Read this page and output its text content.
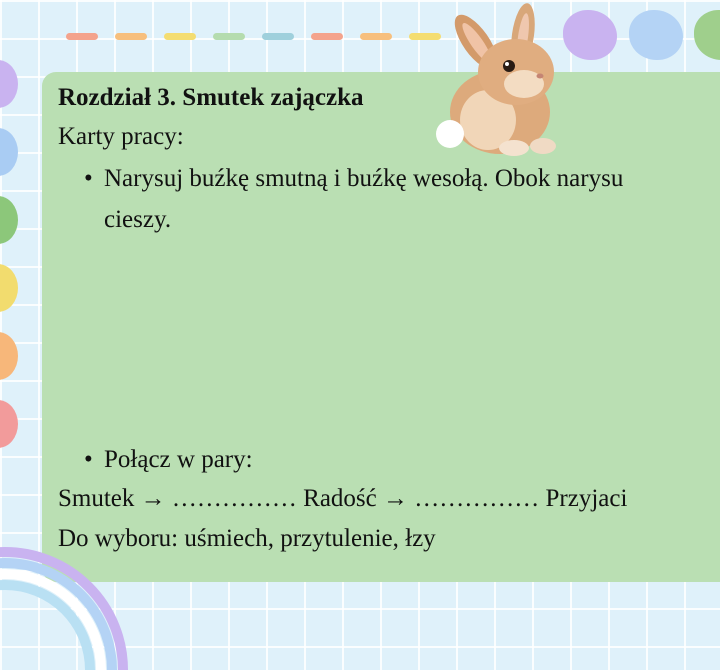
Rozdział 3. Smutek zajączka
Karty pracy:
• Narysuj buźkę smutną i buźkę wesołą. Obok narysu
cieszy.
• Połącz w pary:
Smutek → …………… Radość → …………… Przyjaci
Do wyboru: uśmiech, przytulenie, łzy
